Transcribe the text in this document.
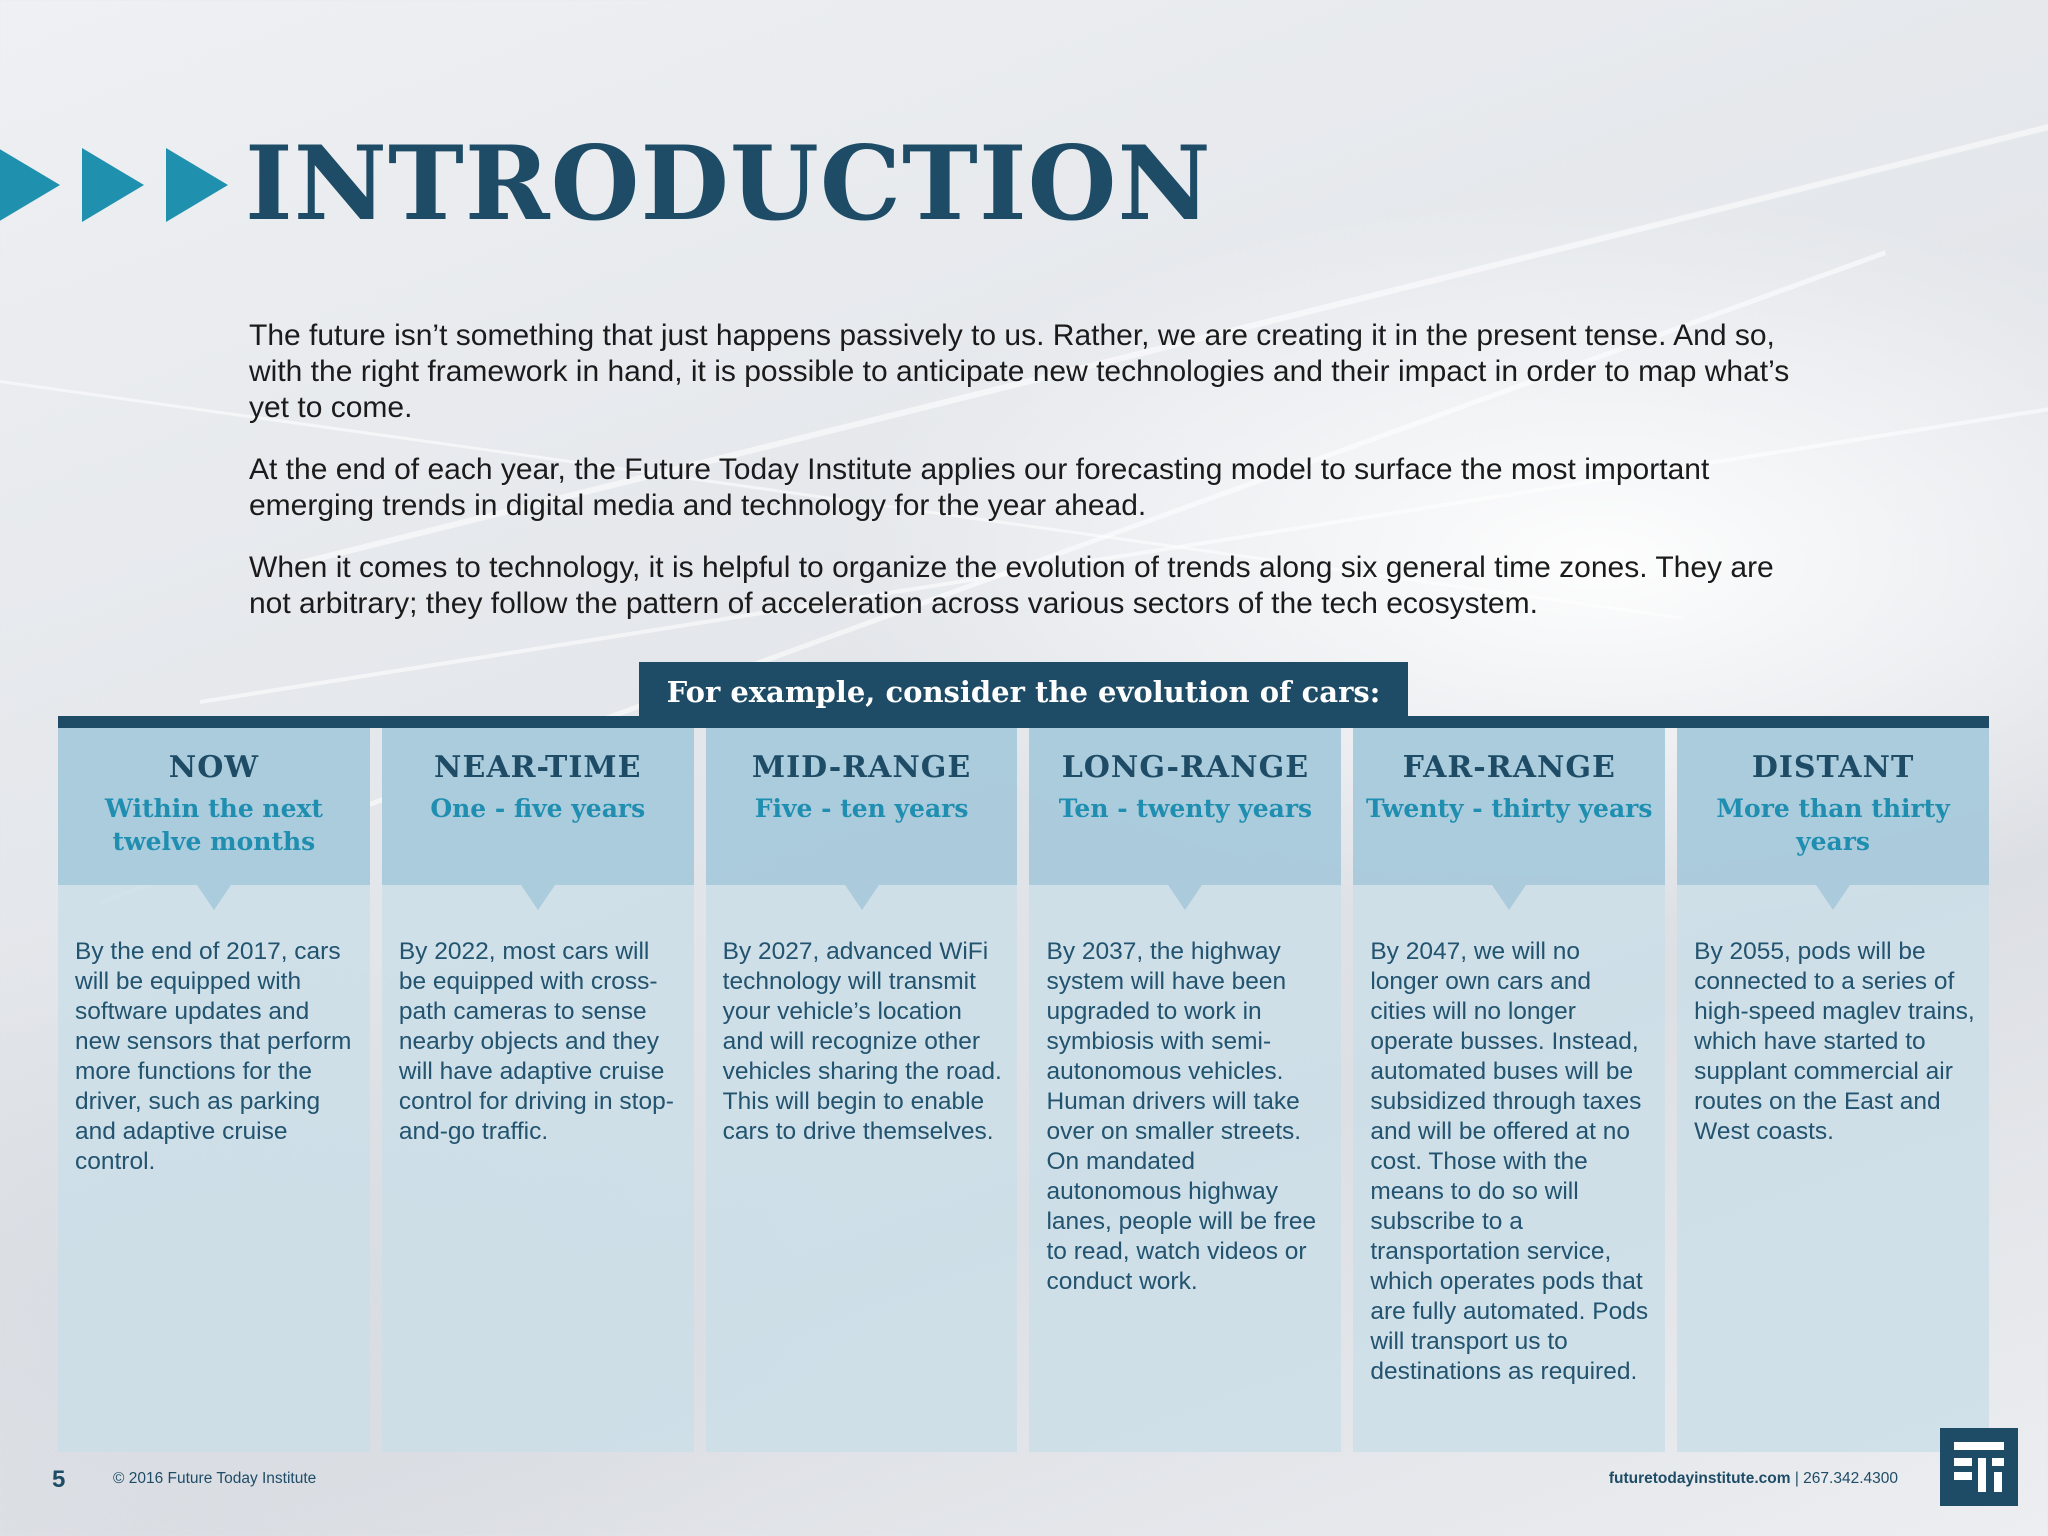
INTRODUCTION

The future isn’t something that just happens passively to us. Rather, we are creating it in the present tense. And so, with the right framework in hand, it is possible to anticipate new technologies and their impact in order to map what’s yet to come.

At the end of each year, the Future Today Institute applies our forecasting model to surface the most important emerging trends in digital media and technology for the year ahead.

When it comes to technology, it is helpful to organize the evolution of trends along six general time zones. They are not arbitrary; they follow the pattern of acceleration across various sectors of the tech ecosystem.

For example, consider the evolution of cars:
NOW
Within the next twelve months
By the end of 2017, cars will be equipped with software updates and new sensors that perform more functions for the driver, such as parking and adaptive cruise control.
NEAR-TIME
One - five years
By 2022, most cars will be equipped with cross-path cameras to sense nearby objects and they will have adaptive cruise control for driving in stop-and-go traffic.
MID-RANGE
Five - ten years
By 2027, advanced WiFi technology will transmit your vehicle’s location and will recognize other vehicles sharing the road. This will begin to enable cars to drive themselves.
LONG-RANGE
Ten - twenty years
By 2037, the highway system will have been upgraded to work in symbiosis with semi-autonomous vehicles. Human drivers will take over on smaller streets. On mandated autonomous highway lanes, people will be free to read, watch videos or conduct work.
FAR-RANGE
Twenty - thirty years
By 2047, we will no longer own cars and cities will no longer operate busses. Instead, automated buses will be subsidized through taxes and will be offered at no cost. Those with the means to do so will subscribe to a transportation service, which operates pods that are fully automated. Pods will transport us to destinations as required.
DISTANT
More than thirty years
By 2055, pods will be connected to a series of high-speed maglev trains, which have started to supplant commercial air routes on the East and West coasts.
5	© 2016 Future Today Institute	futuretodayinstitute.com | 267.342.4300
